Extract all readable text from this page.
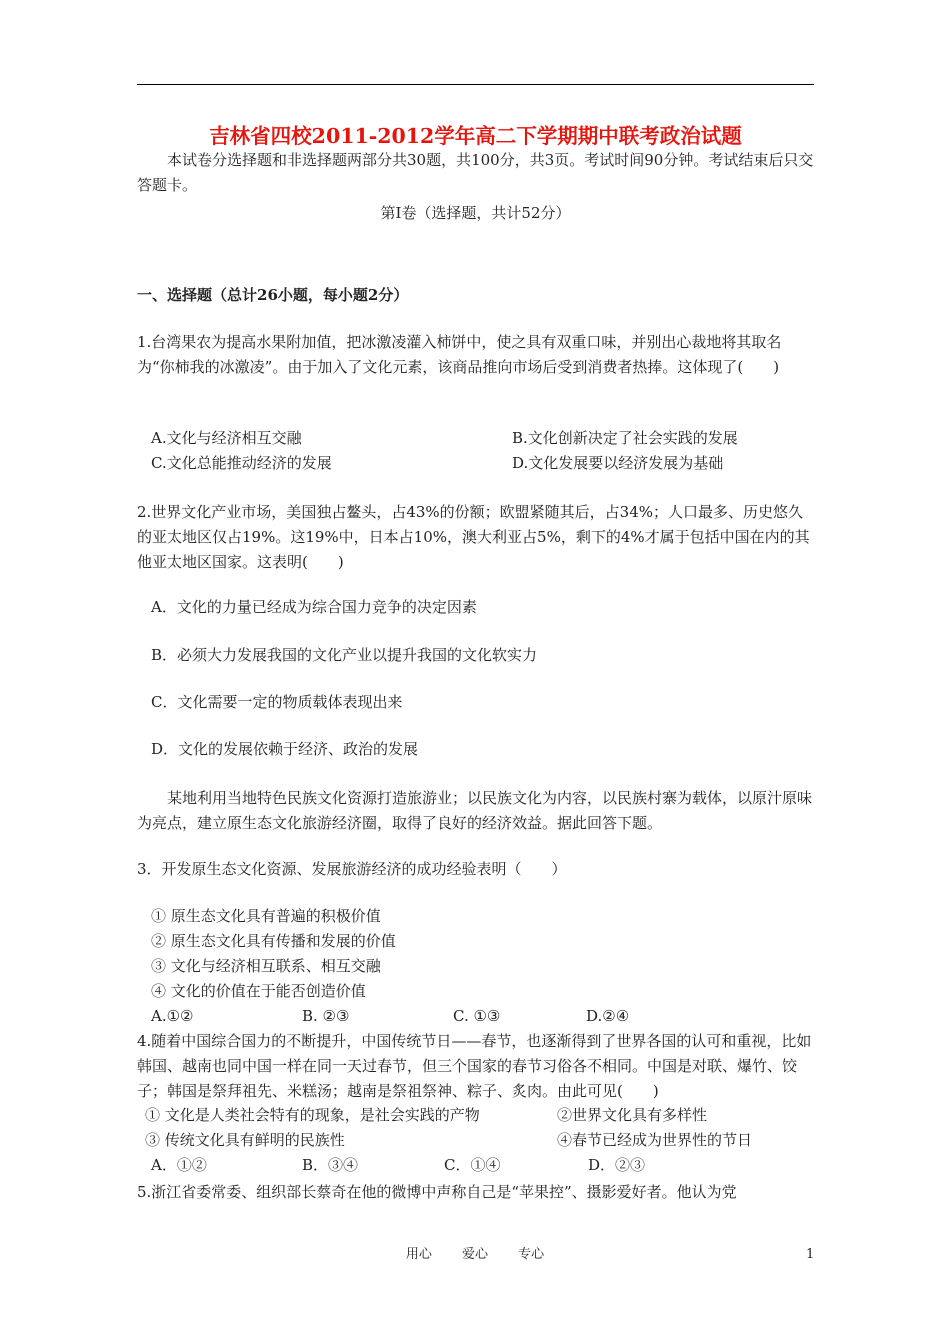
吉林省四校2011-2012学年高二下学期期中联考政治试题
本试卷分选择题和非选择题两部分共30题，共100分，共3页。考试时间90分钟。考试结束后只交答题卡。
第Ⅰ卷（选择题，共计52分）
一、选择题（总计26小题，每小题2分）
1.台湾果农为提高水果附加值，把冰激凌灌入柿饼中，使之具有双重口味，并别出心裁地将其取名为“你柿我的冰激凌”。由于加入了文化元素，该商品推向市场后受到消费者热捧。这体现了(　　)
A.文化与经济相互交融	B.文化创新决定了社会实践的发展
C.文化总能推动经济的发展	D.文化发展要以经济发展为基础
2.世界文化产业市场，美国独占鳌头，占43%的份额；欧盟紧随其后，占34%；人口最多、历史悠久的亚太地区仅占19%。这19%中，日本占10%，澳大利亚占5%，剩下的4%才属于包括中国在内的其他亚太地区国家。这表明(　　)
A．文化的力量已经成为综合国力竞争的决定因素
B．必须大力发展我国的文化产业以提升我国的文化软实力
C．文化需要一定的物质载体表现出来
D．文化的发展依赖于经济、政治的发展
某地利用当地特色民族文化资源打造旅游业；以民族文化为内容，以民族村寨为载体，以原汁原味为亮点，建立原生态文化旅游经济圈，取得了良好的经济效益。据此回答下题。
3．开发原生态文化资源、发展旅游经济的成功经验表明（　　）
① 原生态文化具有普遍的积极价值
② 原生态文化具有传播和发展的价值
③ 文化与经济相互联系、相互交融
④ 文化的价值在于能否创造价值
A.①②	B. ②③	C. ①③	D.②④
4.随着中国综合国力的不断提升，中国传统节日——春节，也逐渐得到了世界各国的认可和重视，比如韩国、越南也同中国一样在同一天过春节，但三个国家的春节习俗各不相同。中国是对联、爆竹、饺子；韩国是祭拜祖先、米糕汤；越南是祭祖祭神、粽子、炙肉。由此可见(　　)
① 文化是人类社会特有的现象，是社会实践的产物	②世界文化具有多样性
③ 传统文化具有鲜明的民族性	④春节已经成为世界性的节日
A．①②	B．③④	C．①④	D．②③
5.浙江省委常委、组织部长蔡奇在他的微博中声称自己是“苹果控”、摄影爱好者。他认为党
用心 爱心 专心	1
